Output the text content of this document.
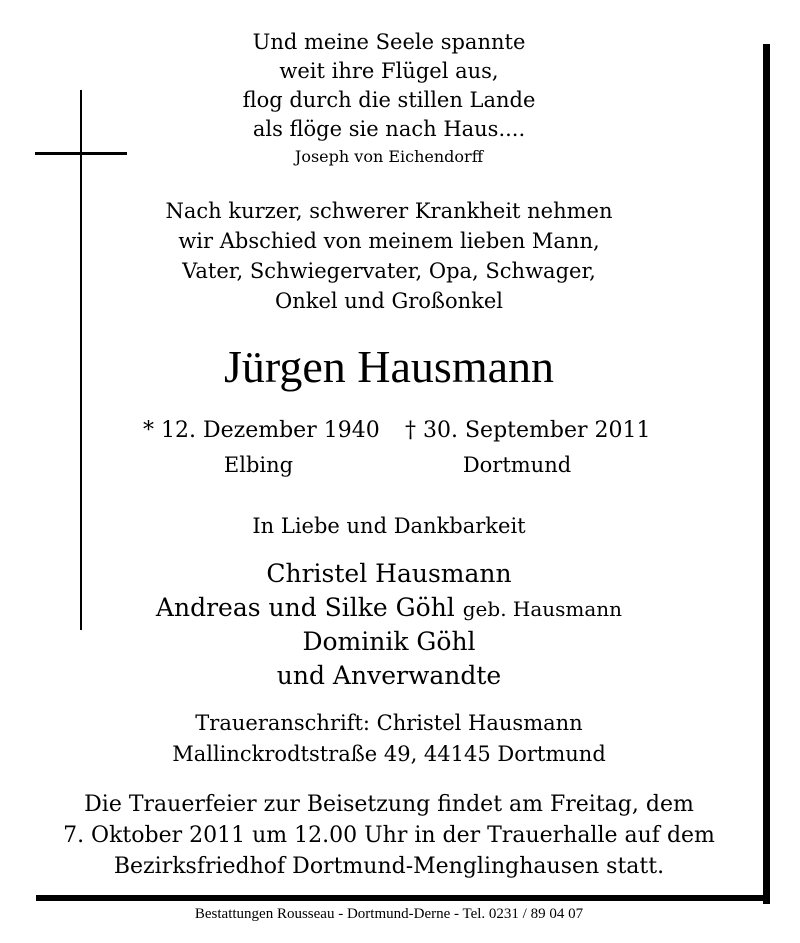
Und meine Seele spannte
weit ihre Flügel aus,
flog durch die stillen Lande
als flöge sie nach Haus....
Joseph von Eichendorff
Nach kurzer, schwerer Krankheit nehmen
wir Abschied von meinem lieben Mann,
Vater, Schwiegervater, Opa, Schwager,
Onkel und Großonkel
Jürgen Hausmann
* 12. Dezember 1940 † 30. September 2011
Elbing	Dortmund
In Liebe und Dankbarkeit
Christel Hausmann
Andreas und Silke Göhl geb. Hausmann
Dominik Göhl
und Anverwandte
Traueranschrift: Christel Hausmann
Mallinckrodtstraße 49, 44145 Dortmund
Die Trauerfeier zur Beisetzung findet am Freitag, dem
7. Oktober 2011 um 12.00 Uhr in der Trauerhalle auf dem
Bezirksfriedhof Dortmund-Menglinghausen statt.
Bestattungen Rousseau - Dortmund-Derne - Tel. 0231 / 89 04 07
